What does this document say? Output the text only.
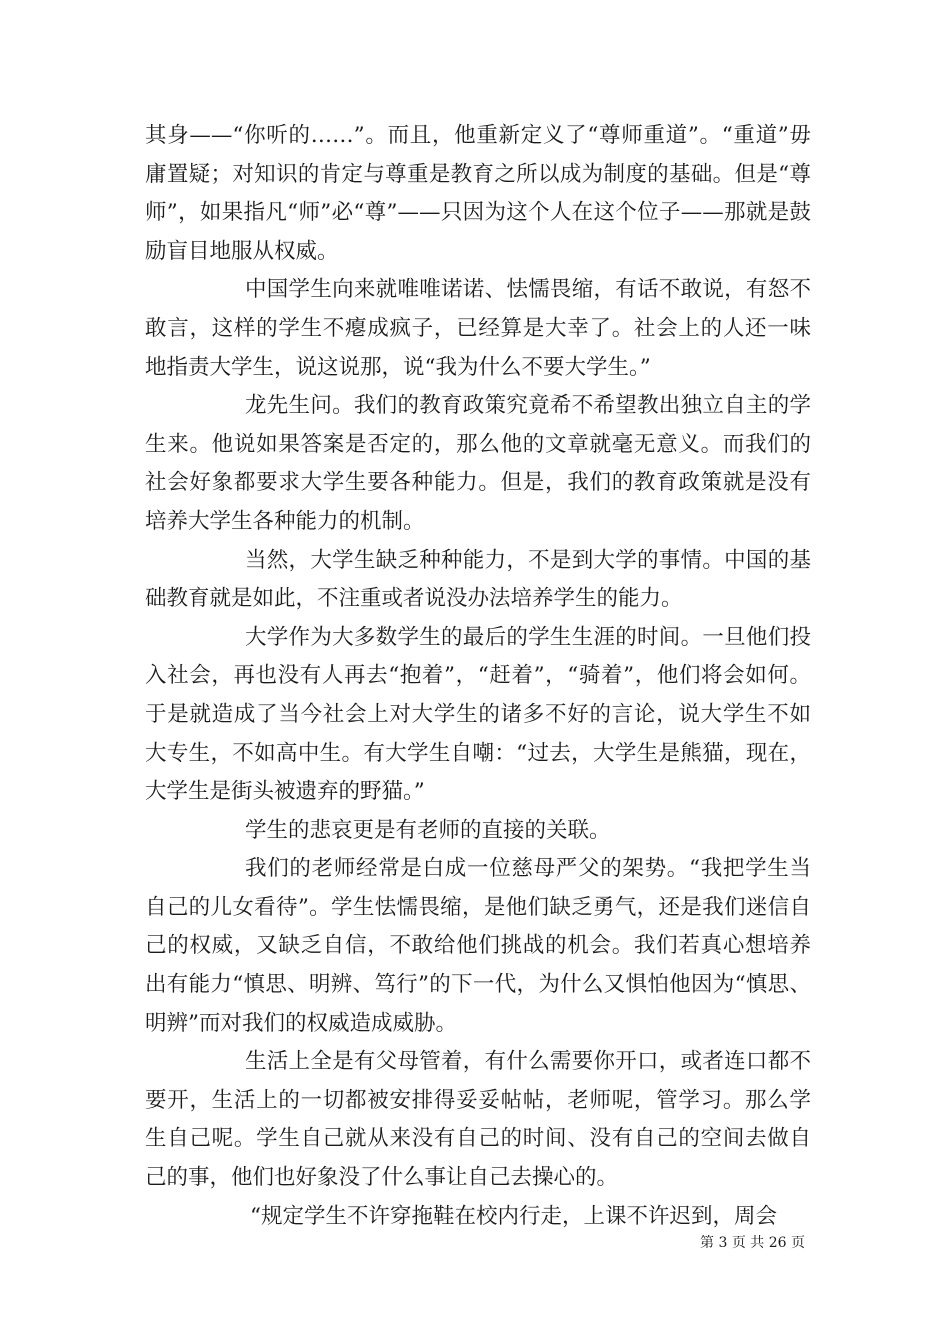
其身——“你听的……”。而且，他重新定义了“尊师重道”。“重道”毋庸置疑；对知识的肯定与尊重是教育之所以成为制度的基础。但是“尊师”，如果指凡“师”必“尊”——只因为这个人在这个位子——那就是鼓励盲目地服从权威。

中国学生向来就唯唯诺诺、怯懦畏缩，有话不敢说，有怒不敢言，这样的学生不瘪成疯子，已经算是大幸了。社会上的人还一味地指责大学生，说这说那，说“我为什么不要大学生。”

龙先生问。我们的教育政策究竟希不希望教出独立自主的学生来。他说如果答案是否定的，那么他的文章就毫无意义。而我们的社会好象都要求大学生要各种能力。但是，我们的教育政策就是没有培养大学生各种能力的机制。

当然，大学生缺乏种种能力，不是到大学的事情。中国的基础教育就是如此，不注重或者说没办法培养学生的能力。

大学作为大多数学生的最后的学生生涯的时间。一旦他们投入社会，再也没有人再去“抱着”，“赶着”，“骑着”，他们将会如何。于是就造成了当今社会上对大学生的诸多不好的言论，说大学生不如大专生，不如高中生。有大学生自嘲：“过去，大学生是熊猫，现在，大学生是街头被遗弃的野猫。”

学生的悲哀更是有老师的直接的关联。

我们的老师经常是白成一位慈母严父的架势。“我把学生当自己的儿女看待”。学生怯懦畏缩，是他们缺乏勇气，还是我们迷信自己的权威，又缺乏自信，不敢给他们挑战的机会。我们若真心想培养出有能力“慎思、明辨、笃行”的下一代，为什么又惧怕他因为“慎思、明辨”而对我们的权威造成威胁。

生活上全是有父母管着，有什么需要你开口，或者连口都不要开，生活上的一切都被安排得妥妥帖帖，老师呢，管学习。那么学生自己呢。学生自己就从来没有自己的时间、没有自己的空间去做自己的事，他们也好象没了什么事让自己去操心的。

“规定学生不许穿拖鞋在校内行走，上课不许迟到，周会

第 3 页 共 26 页
